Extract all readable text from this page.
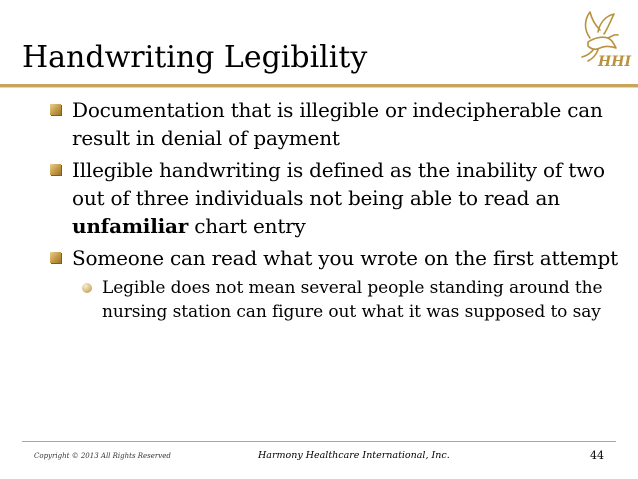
Handwriting Legibility	HHI
Documentation that is illegible or indecipherable can result in denial of payment
Illegible handwriting is defined as the inability of two out of three individuals not being able to read an unfamiliar chart entry
Someone can read what you wrote on the first attempt
Legible does not mean several people standing around the nursing station can figure out what it was supposed to say
Copyright © 2013 All Rights Reserved	Harmony Healthcare International, Inc.	44
